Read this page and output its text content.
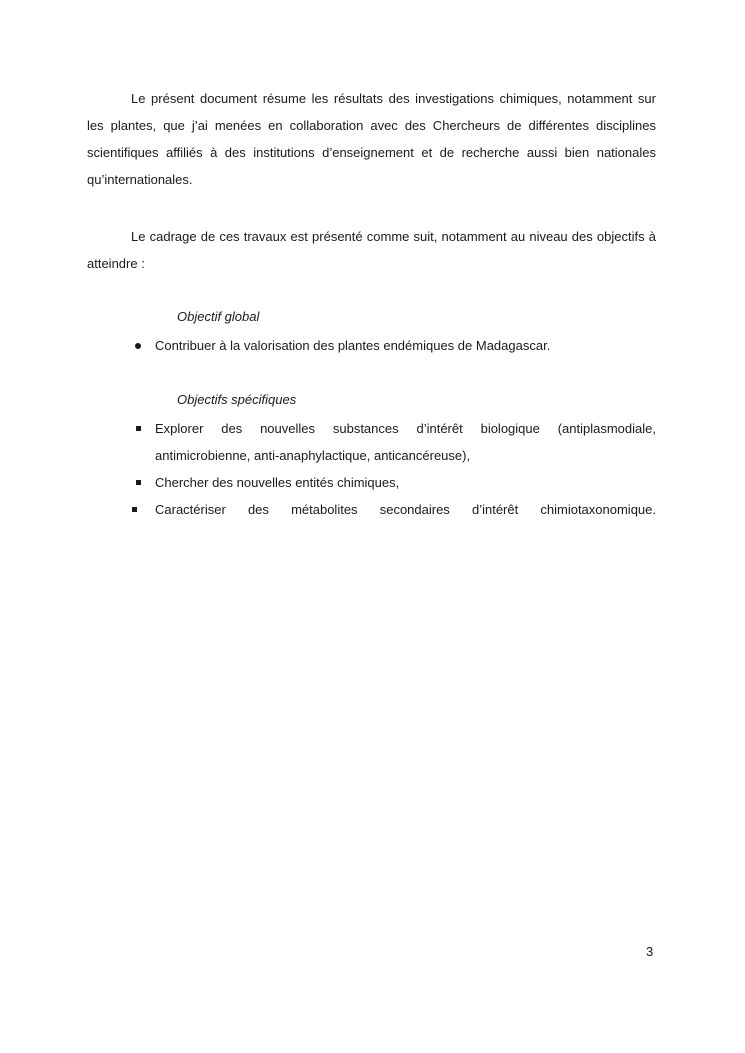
Le présent document résume les résultats des investigations chimiques, notamment sur les plantes, que j’ai menées en collaboration avec des Chercheurs de différentes disciplines scientifiques affiliés à des institutions d’enseignement et de recherche aussi bien nationales qu’internationales.

Le cadrage de ces travaux est présenté comme suit, notamment au niveau des objectifs à atteindre :

Objectif global

Contribuer à la valorisation des plantes endémiques de Madagascar.

Objectifs spécifiques

Explorer des nouvelles substances d’intérêt biologique (antiplasmodiale, antimicrobienne, anti-anaphylactique, anticancéreuse),
Chercher des nouvelles entités chimiques,
Caractériser des métabolites secondaires d’intérêt chimiotaxonomique.

3
